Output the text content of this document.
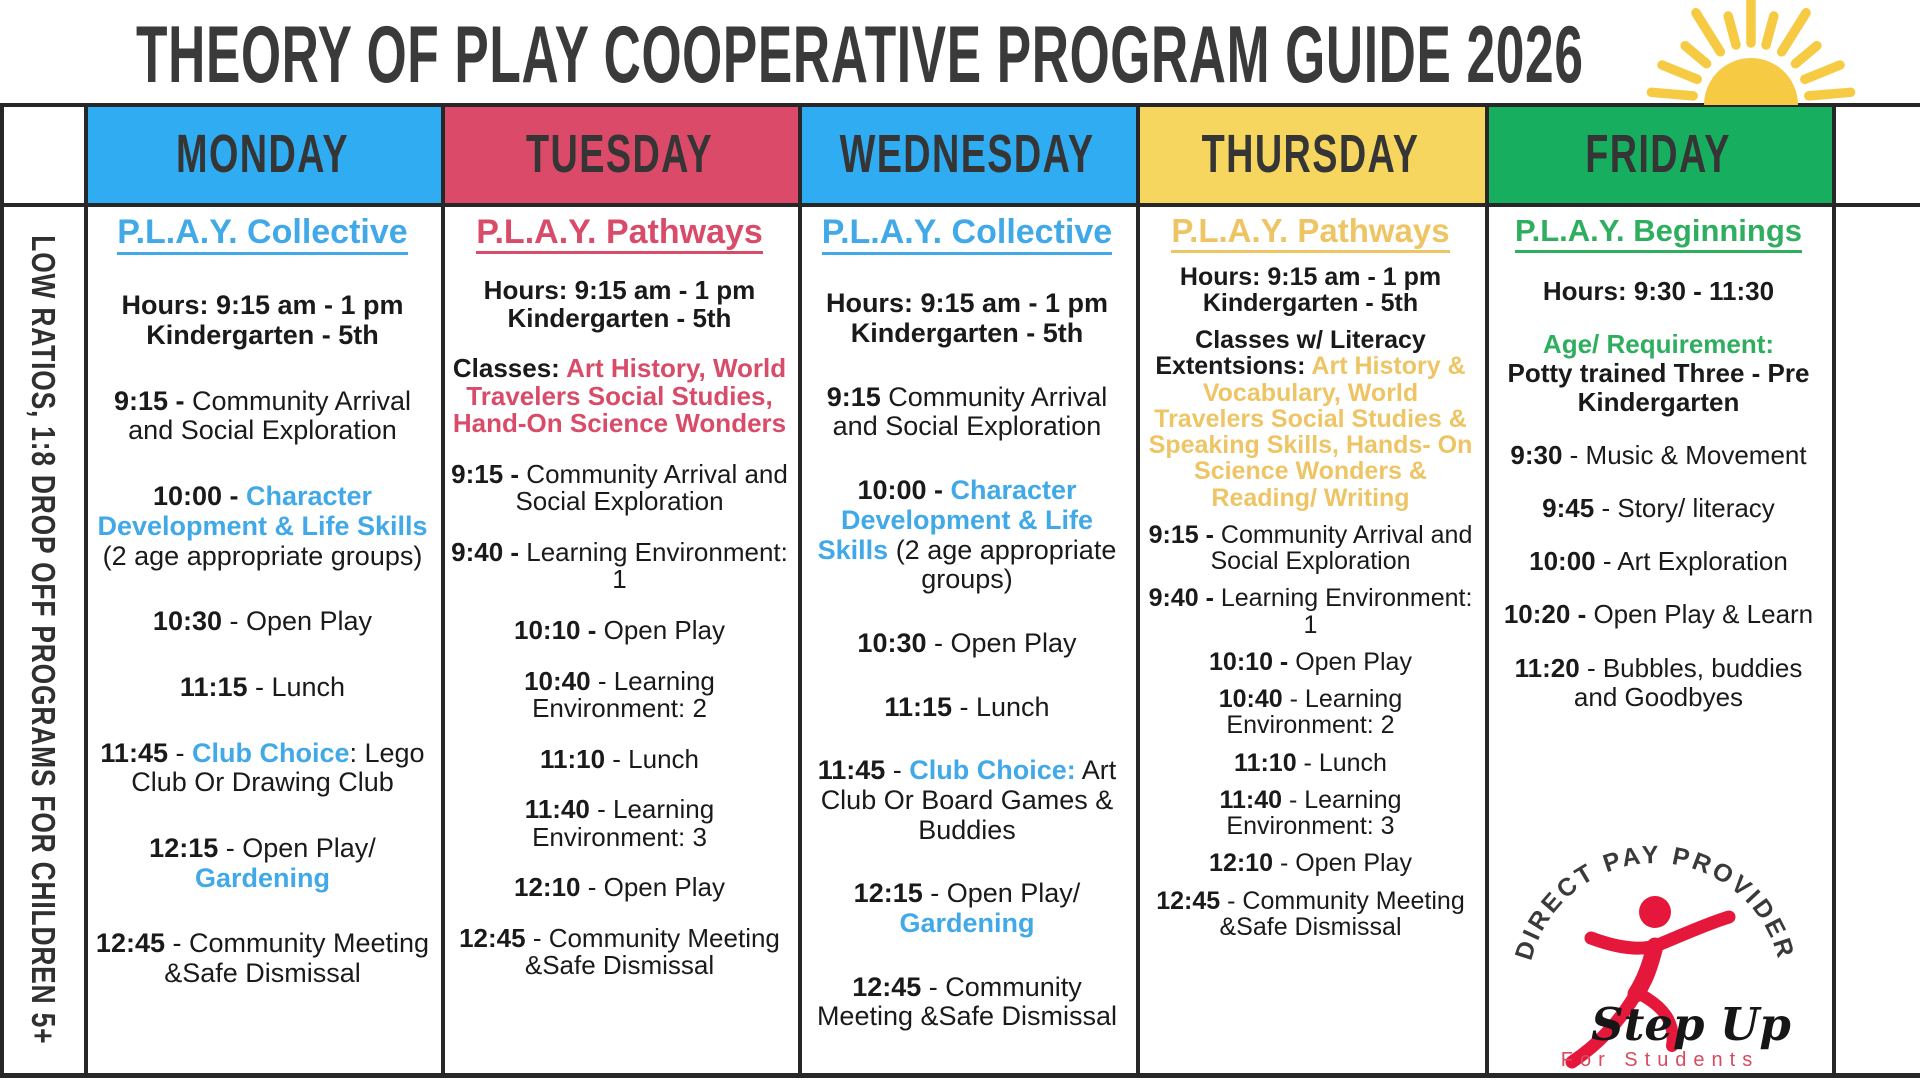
THEORY OF PLAY COOPERATIVE PROGRAM GUIDE 2026
LOW RATIOS, 1:8 DROP OFF PROGRAMS FOR CHILDREN 5+
MONDAY
P.L.A.Y. Collective
Hours: 9:15 am - 1 pm
Kindergarten - 5th

9:15 - Community Arrival and Social Exploration

10:00 - Character Development & Life Skills (2 age appropriate groups)

10:30 - Open Play

11:15 - Lunch

11:45 - Club Choice: Lego Club Or Drawing Club

12:15 - Open Play/ Gardening

12:45 - Community Meeting &Safe Dismissal

TUESDAY
P.L.A.Y. Pathways
Hours: 9:15 am - 1 pm
Kindergarten - 5th

Classes: Art History, World Travelers Social Studies, Hand-On Science Wonders

9:15 - Community Arrival and Social Exploration

9:40 - Learning Environment: 1

10:10 - Open Play

10:40 - Learning Environment: 2

11:10 - Lunch

11:40 - Learning Environment: 3

12:10 - Open Play

12:45 - Community Meeting &Safe Dismissal

WEDNESDAY
P.L.A.Y. Collective
Hours: 9:15 am - 1 pm
Kindergarten - 5th

9:15 Community Arrival and Social Exploration

10:00 - Character Development & Life Skills (2 age appropriate groups)

10:30 - Open Play

11:15 - Lunch

11:45 - Club Choice: Art Club Or Board Games & Buddies

12:15 - Open Play/ Gardening

12:45 - Community Meeting &Safe Dismissal

THURSDAY
P.L.A.Y. Pathways
Hours: 9:15 am - 1 pm
Kindergarten - 5th

Classes w/ Literacy Extentsions: Art History & Vocabulary, World Travelers Social Studies & Speaking Skills, Hands- On Science Wonders & Reading/ Writing

9:15 - Community Arrival and Social Exploration

9:40 - Learning Environment: 1

10:10 - Open Play

10:40 - Learning Environment: 2

11:10 - Lunch

11:40 - Learning Environment: 3

12:10 - Open Play

12:45 - Community Meeting &Safe Dismissal

FRIDAY
P.L.A.Y. Beginnings
Hours: 9:30 - 11:30

Age/ Requirement:
Potty trained Three - Pre Kindergarten

9:30 - Music & Movement

9:45 - Story/ literacy

10:00 - Art Exploration

10:20 - Open Play & Learn

11:20 - Bubbles, buddies and Goodbyes

DIRECT PAY PROVIDER
Step Up
For Students
